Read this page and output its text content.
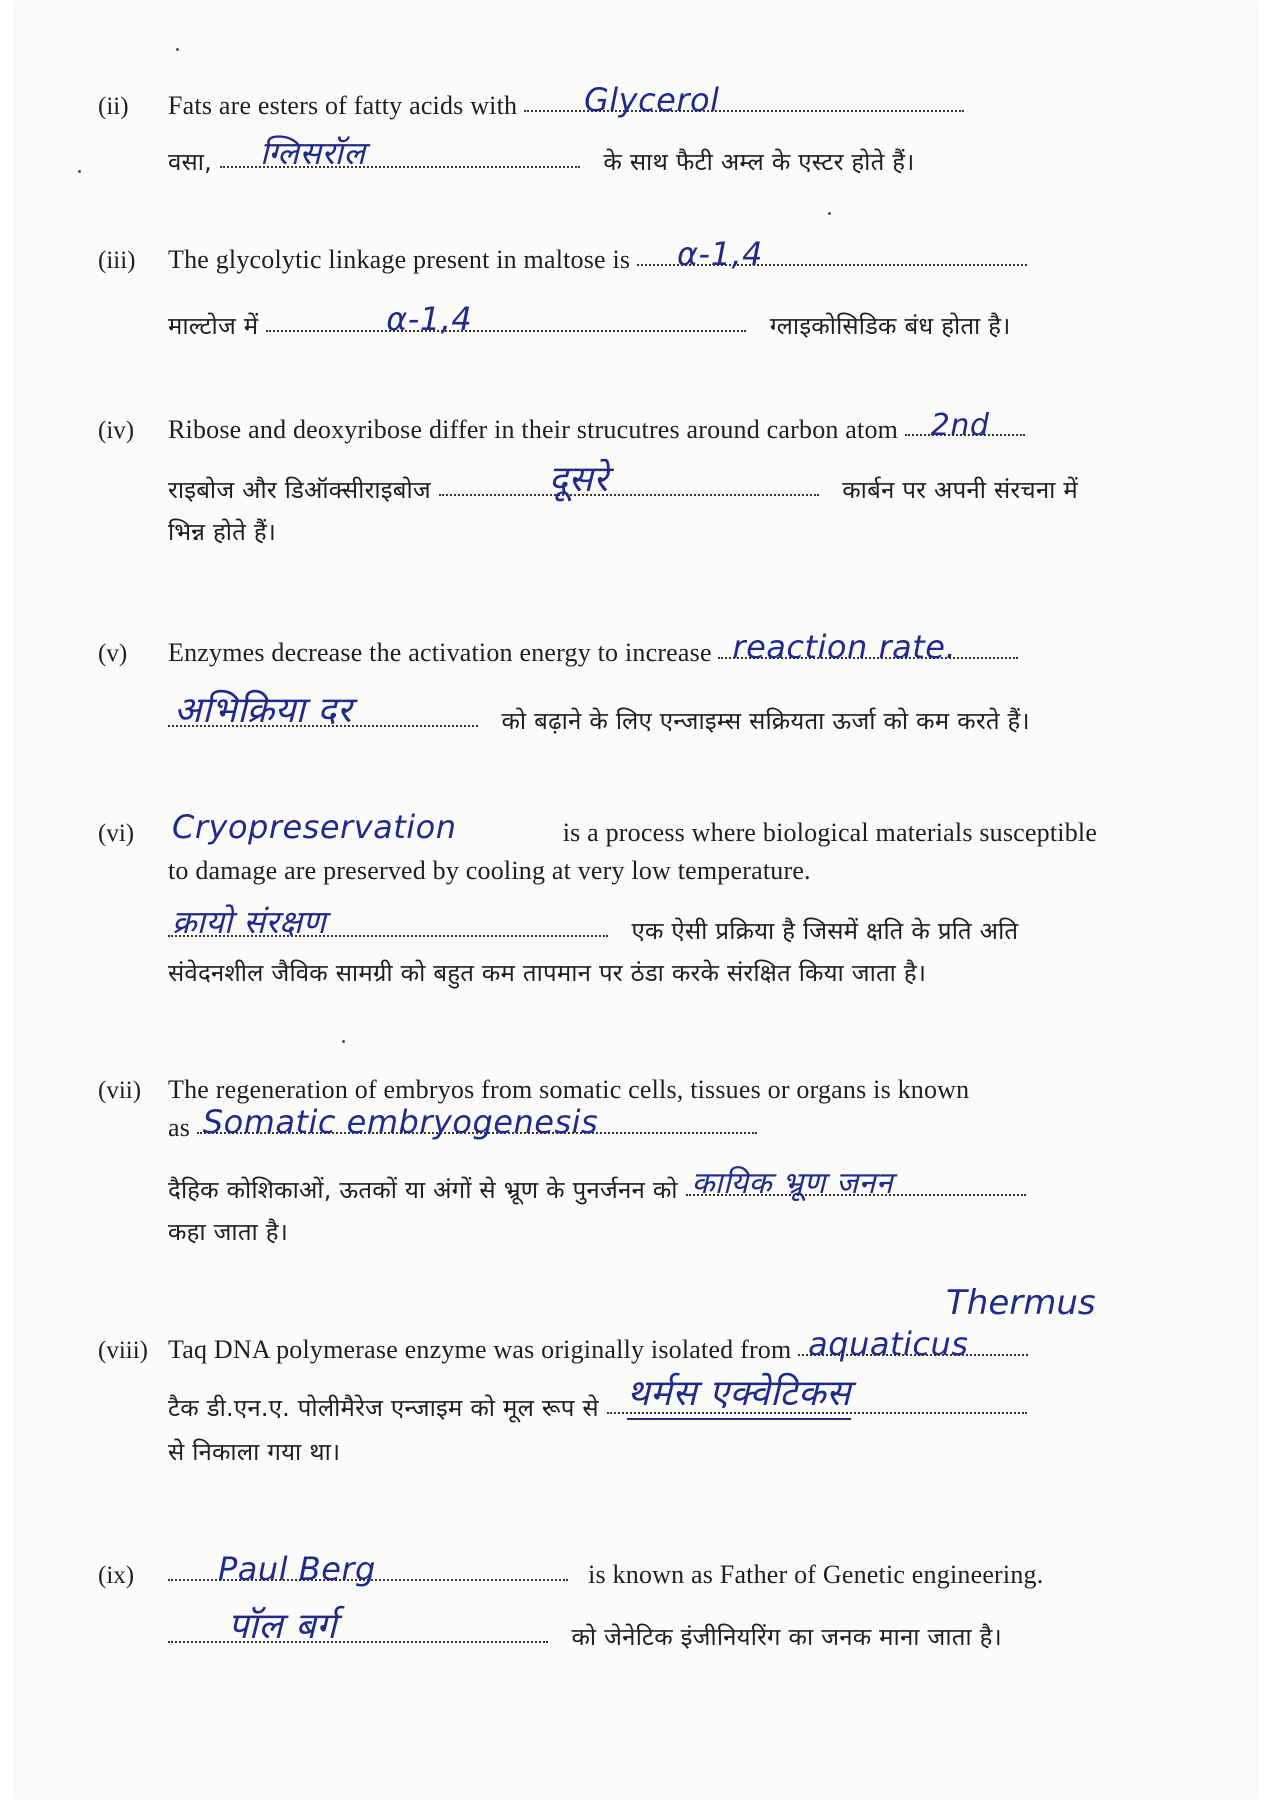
(ii) Fats are esters of fatty acids with Glycerol
वसा, ग्लिसरॉल	के साथ फैटी अम्ल के एस्टर होते हैं।
(iii) The glycolytic linkage present in maltose is α-1,4
माल्टोज में	α-1,4	ग्लाइकोसिडिक बंध होता है।
(iv) Ribose and deoxyribose differ in their strucutres around carbon atom 2nd
राइबोज और डिऑक्सीराइबोज	दूसरे	कार्बन पर अपनी संरचना में
भिन्न होते हैं।
(v) Enzymes decrease the activation energy to increase reaction rate.
अभिक्रिया दर	को बढ़ाने के लिए एन्जाइम्स सक्रियता ऊर्जा को कम करते हैं।
(vi) Cryopreservation	is a process where biological materials susceptible
to damage are preserved by cooling at very low temperature.
क्रायो संरक्षण	एक ऐसी प्रक्रिया है जिसमें क्षति के प्रति अति
संवेदनशील जैविक सामग्री को बहुत कम तापमान पर ठंडा करके संरक्षित किया जाता है।
(vii) The regeneration of embryos from somatic cells, tissues or organs is known
as Somatic embryogenesis
दैहिक कोशिकाओं, ऊतकों या अंगों से भ्रूण के पुनर्जनन को कायिक भ्रूण जनन
कहा जाता है।
Thermus
(viii) Taq DNA polymerase enzyme was originally isolated from aquaticus
टैक डी.एन.ए. पोलीमैरेज एन्जाइम को मूल रूप से थर्मस एक्वेटिकस
से निकाला गया था।
(ix)	Paul Berg	is known as Father of Genetic engineering.
पॉल बर्ग	को जेनेटिक इंजीनियरिंग का जनक माना जाता है।
